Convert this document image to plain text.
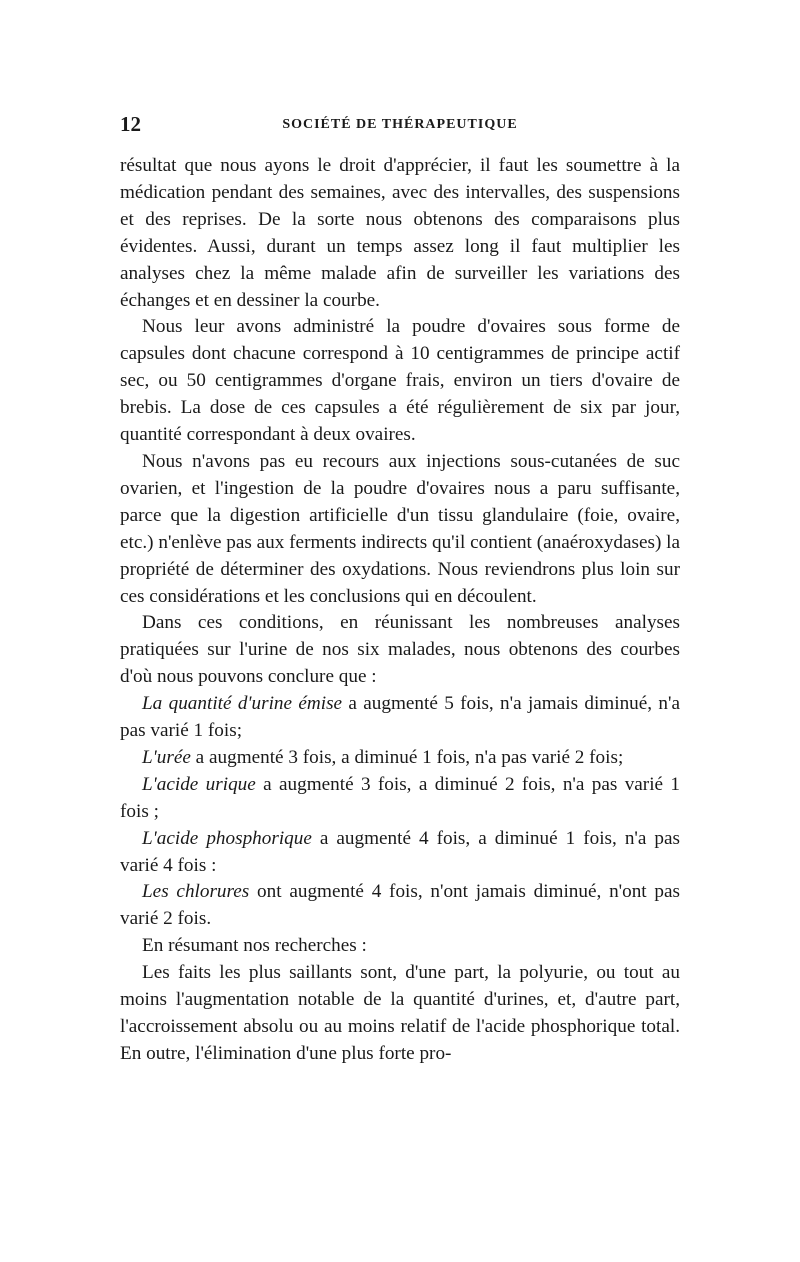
12	SOCIÉTÉ DE THÉRAPEUTIQUE

résultat que nous ayons le droit d'apprécier, il faut les soumettre à la médication pendant des semaines, avec des intervalles, des suspensions et des reprises. De la sorte nous obtenons des comparaisons plus évidentes. Aussi, durant un temps assez long il faut multiplier les analyses chez la même malade afin de surveiller les variations des échanges et en dessiner la courbe.

Nous leur avons administré la poudre d'ovaires sous forme de capsules dont chacune correspond à 10 centigrammes de principe actif sec, ou 50 centigrammes d'organe frais, environ un tiers d'ovaire de brebis. La dose de ces capsules a été régulièrement de six par jour, quantité correspondant à deux ovaires.

Nous n'avons pas eu recours aux injections sous-cutanées de suc ovarien, et l'ingestion de la poudre d'ovaires nous a paru suffisante, parce que la digestion artificielle d'un tissu glandulaire (foie, ovaire, etc.) n'enlève pas aux ferments indirects qu'il contient (anaéroxydases) la propriété de déterminer des oxydations. Nous reviendrons plus loin sur ces considérations et les conclusions qui en découlent.

Dans ces conditions, en réunissant les nombreuses analyses pratiquées sur l'urine de nos six malades, nous obtenons des courbes d'où nous pouvons conclure que :

La quantité d'urine émise a augmenté 5 fois, n'a jamais diminué, n'a pas varié 1 fois;

L'urée a augmenté 3 fois, a diminué 1 fois, n'a pas varié 2 fois;

L'acide urique a augmenté 3 fois, a diminué 2 fois, n'a pas varié 1 fois ;

L'acide phosphorique a augmenté 4 fois, a diminué 1 fois, n'a pas varié 4 fois :

Les chlorures ont augmenté 4 fois, n'ont jamais diminué, n'ont pas varié 2 fois.

En résumant nos recherches :

Les faits les plus saillants sont, d'une part, la polyurie, ou tout au moins l'augmentation notable de la quantité d'urines, et, d'autre part, l'accroissement absolu ou au moins relatif de l'acide phosphorique total. En outre, l'élimination d'une plus forte pro-
